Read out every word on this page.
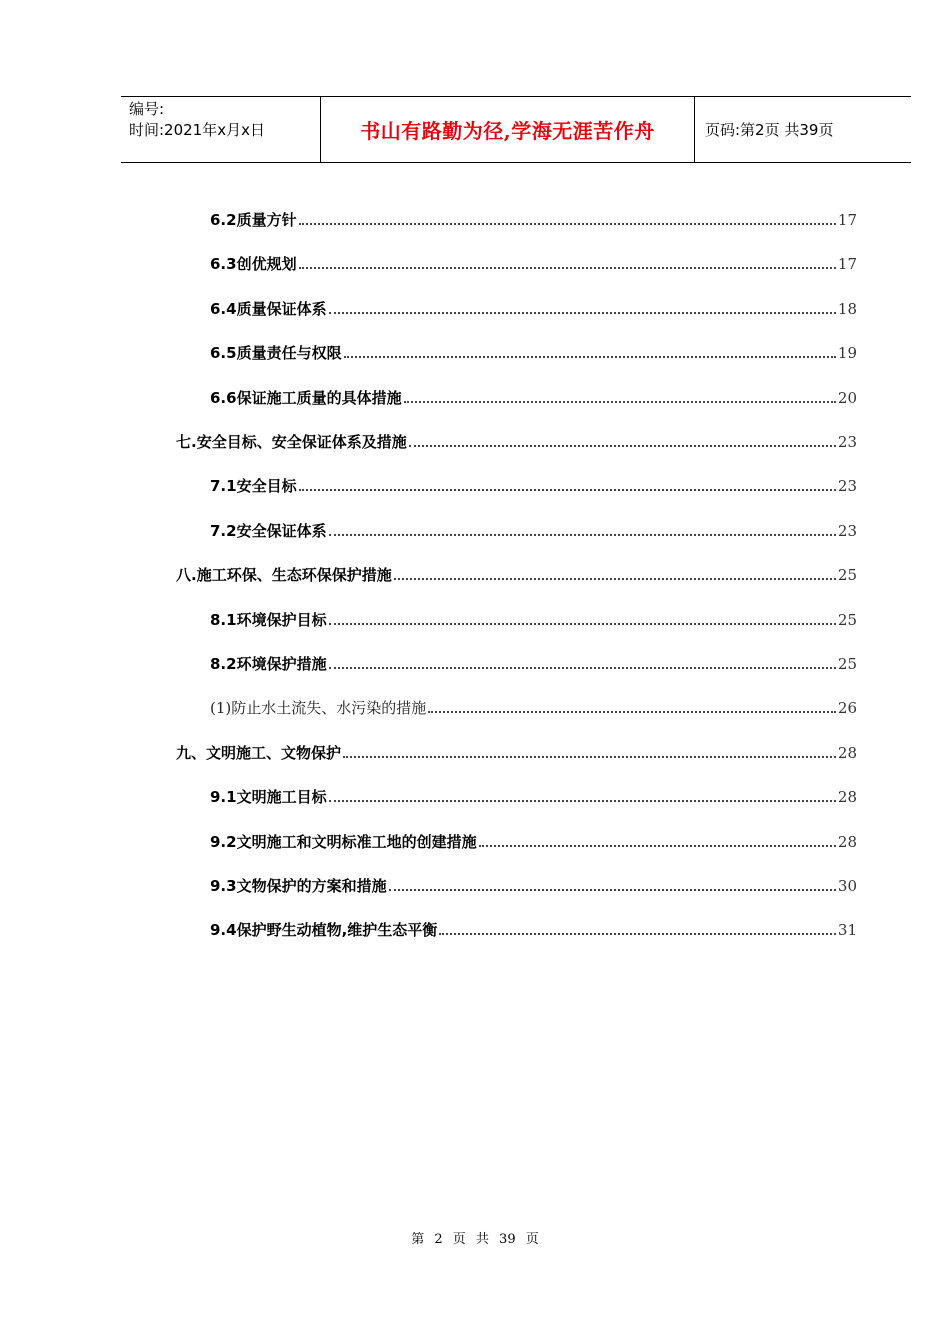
编号:
时间:2021年x月x日	书山有路勤为径,学海无涯苦作舟	页码:第2页 共39页
6.2质量方针	17
6.3创优规划	17
6.4质量保证体系	18
6.5质量责任与权限	19
6.6保证施工质量的具体措施	20
七.安全目标、安全保证体系及措施	23
7.1安全目标	23
7.2安全保证体系	23
八.施工环保、生态环保保护措施	25
8.1环境保护目标	25
8.2环境保护措施	25
(1)防止水土流失、水污染的措施	26
九、文明施工、文物保护	28
9.1文明施工目标	28
9.2文明施工和文明标准工地的创建措施	28
9.3文物保护的方案和措施	30
9.4保护野生动植物,维护生态平衡	31
第 2 页 共 39 页
